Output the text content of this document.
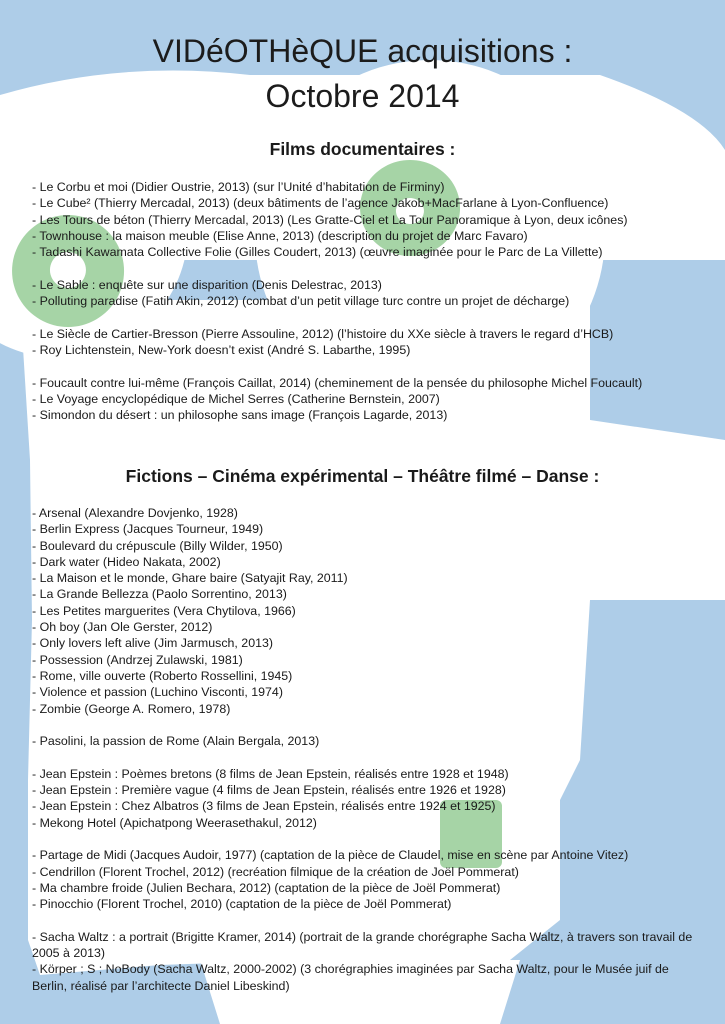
VIDéOTHèQUE acquisitions :
Octobre 2014
Films documentaires :
- Le Corbu et moi (Didier Oustrie, 2013) (sur l’Unité d’habitation de Firminy)
- Le Cube² (Thierry Mercadal, 2013) (deux bâtiments de l’agence Jakob+MacFarlane à Lyon-Confluence)
- Les Tours de béton (Thierry Mercadal, 2013) (Les Gratte-Ciel et La Tour Panoramique à Lyon, deux icônes)
- Townhouse : la maison meuble (Elise Anne, 2013) (description du projet de Marc Favaro)
- Tadashi Kawamata Collective Folie (Gilles Coudert, 2013) (œuvre imaginée pour le Parc de La Villette)
- Le Sable : enquête sur une disparition (Denis Delestrac, 2013)
- Polluting paradise (Fatih Akin, 2012) (combat d’un petit village turc contre un projet de décharge)
- Le Siècle de Cartier-Bresson (Pierre Assouline, 2012) (l’histoire du XXe siècle à travers le regard d’HCB)
- Roy Lichtenstein, New-York doesn’t exist (André S. Labarthe, 1995)
- Foucault contre lui-même (François Caillat, 2014) (cheminement de la pensée du philosophe Michel Foucault)
- Le Voyage encyclopédique de Michel Serres (Catherine Bernstein, 2007)
- Simondon du désert : un philosophe sans image (François Lagarde, 2013)
Fictions – Cinéma expérimental – Théâtre filmé – Danse :
- Arsenal (Alexandre Dovjenko, 1928)
- Berlin Express (Jacques Tourneur, 1949)
- Boulevard du crépuscule (Billy Wilder, 1950)
- Dark water (Hideo Nakata, 2002)
- La Maison et le monde, Ghare baire (Satyajit Ray, 2011)
- La Grande Bellezza (Paolo Sorrentino, 2013)
- Les Petites marguerites (Vera Chytilova, 1966)
- Oh boy (Jan Ole Gerster, 2012)
- Only lovers left alive (Jim Jarmusch, 2013)
- Possession (Andrzej Zulawski, 1981)
- Rome, ville ouverte (Roberto Rossellini, 1945)
- Violence et passion (Luchino Visconti, 1974)
- Zombie (George A. Romero, 1978)
- Pasolini, la passion de Rome (Alain Bergala, 2013)
- Jean Epstein : Poèmes bretons (8 films de Jean Epstein, réalisés entre 1928 et 1948)
- Jean Epstein : Première vague (4 films de Jean Epstein, réalisés entre 1926 et 1928)
- Jean Epstein : Chez Albatros (3 films de Jean Epstein, réalisés entre 1924 et 1925)
- Mekong Hotel (Apichatpong Weerasethakul, 2012)
- Partage de Midi (Jacques Audoir, 1977) (captation de la pièce de Claudel, mise en scène par Antoine Vitez)
- Cendrillon (Florent Trochel, 2012) (recréation filmique de la création de Joël Pommerat)
- Ma chambre froide (Julien Bechara, 2012) (captation de la pièce de Joël Pommerat)
- Pinocchio (Florent Trochel, 2010) (captation de la pièce de Joël Pommerat)
- Sacha Waltz : a portrait (Brigitte Kramer, 2014) (portrait de la grande chorégraphe Sacha Waltz, à travers son travail de 2005 à 2013)
- Körper ; S ; NoBody (Sacha Waltz, 2000-2002) (3 chorégraphies imaginées par Sacha Waltz, pour le Musée juif de Berlin, réalisé par l’architecte Daniel Libeskind)
